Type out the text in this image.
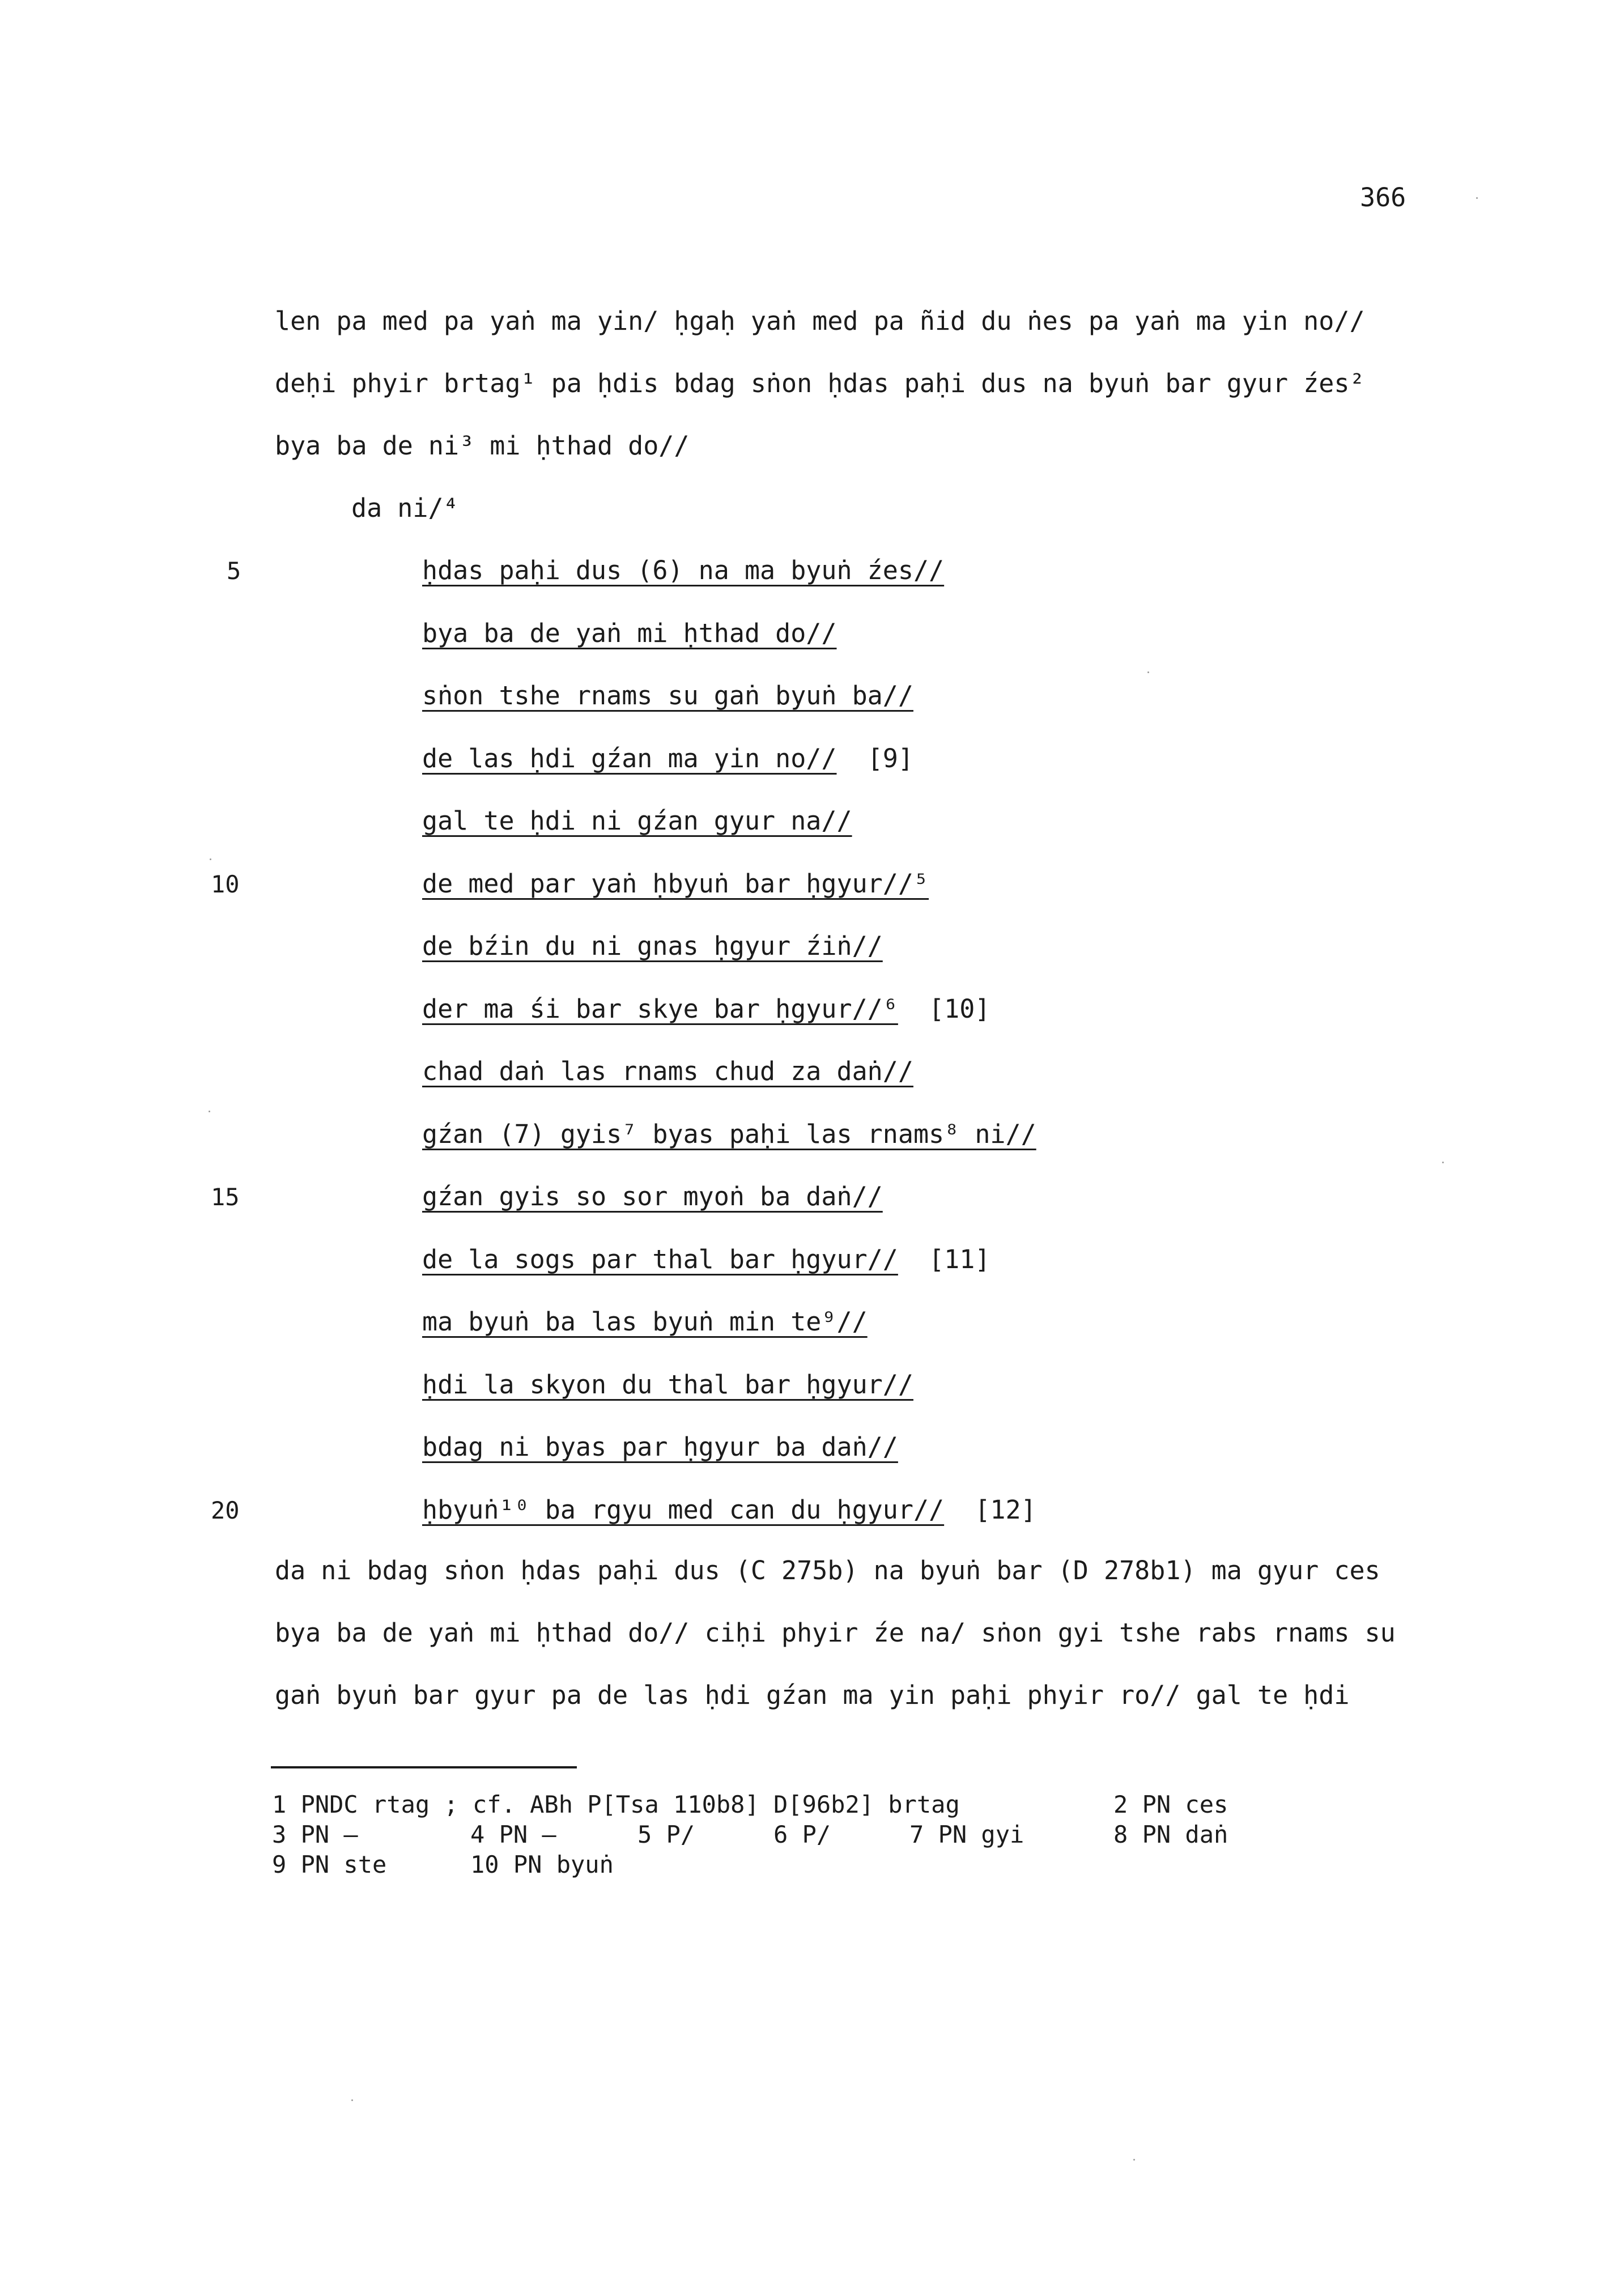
366
len pa med pa yaṅ ma yin/ ḥgaḥ yaṅ med pa ñid du ṅes pa yaṅ ma yin no//
deḥi phyir brtag¹ pa ḥdis bdag sṅon ḥdas paḥi dus na byuṅ bar gyur źes²
bya ba de ni³ mi ḥthad do//
da ni/⁴
5	ḥdas paḥi dus (6) na ma byuṅ źes//
bya ba de yaṅ mi ḥthad do//
sṅon tshe rnams su gaṅ byuṅ ba//
de las ḥdi gźan ma yin no// [9]
gal te ḥdi ni gźan gyur na//
10	de med par yaṅ ḥbyuṅ bar ḥgyur//⁵
de bźin du ni gnas ḥgyur źiṅ//
der ma śi bar skye bar ḥgyur//⁶ [10]
chad daṅ las rnams chud za daṅ//
gźan (7) gyis⁷ byas paḥi las rnams⁸ ni//
15	gźan gyis so sor myoṅ ba daṅ//
de la sogs par thal bar ḥgyur// [11]
ma byuṅ ba las byuṅ min te⁹//
ḥdi la skyon du thal bar ḥgyur//
bdag ni byas par ḥgyur ba daṅ//
20	ḥbyuṅ¹⁰ ba rgyu med can du ḥgyur// [12]
da ni bdag sṅon ḥdas paḥi dus (C 275b) na byuṅ bar (D 278b1) ma gyur ces
bya ba de yaṅ mi ḥthad do// ciḥi phyir źe na/ sṅon gyi tshe rabs rnams su
gaṅ byuṅ bar gyur pa de las ḥdi gźan ma yin paḥi phyir ro// gal te ḥdi
1 PNDC rtag ; cf. ABh P[Tsa 110b8] D[96b2] brtag	2 PN ces
3 PN —	4 PN —	5 P/	6 P/	7 PN gyi	8 PN daṅ
9 PN ste	10 PN byuṅ
